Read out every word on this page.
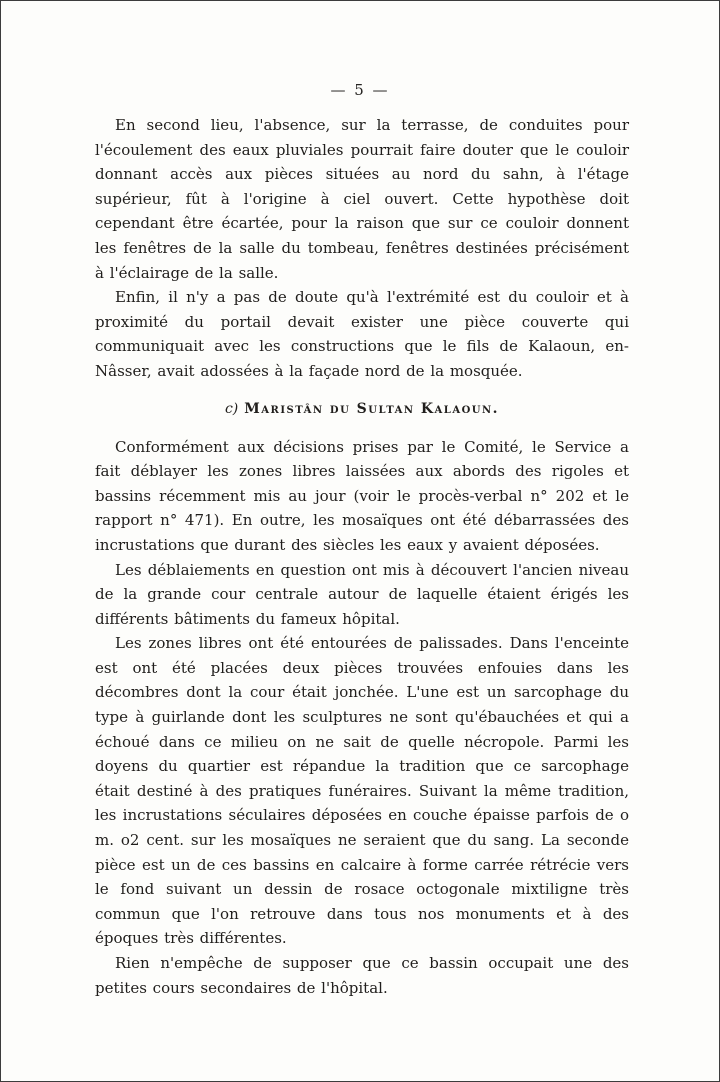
— 5 —

En second lieu, l'absence, sur la terrasse, de conduites pour l'écoulement des eaux pluviales pourrait faire douter que le couloir donnant accès aux pièces situées au nord du sahn, à l'étage supérieur, fût à l'origine à ciel ouvert. Cette hypothèse doit cependant être écartée, pour la raison que sur ce couloir donnent les fenêtres de la salle du tombeau, fenêtres destinées précisément à l'éclairage de la salle.

Enfin, il n'y a pas de doute qu'à l'extrémité est du couloir et à proximité du portail devait exister une pièce couverte qui communiquait avec les constructions que le fils de Kalaoun, en-Nâsser, avait adossées à la façade nord de la mosquée.

c) Maristân du Sultan Kalaoun.

Conformément aux décisions prises par le Comité, le Service a fait déblayer les zones libres laissées aux abords des rigoles et bassins récemment mis au jour (voir le procès-verbal n° 202 et le rapport n° 471). En outre, les mosaïques ont été débarrassées des incrustations que durant des siècles les eaux y avaient déposées.

Les déblaiements en question ont mis à découvert l'ancien niveau de la grande cour centrale autour de laquelle étaient érigés les différents bâtiments du fameux hôpital.

Les zones libres ont été entourées de palissades. Dans l'enceinte est ont été placées deux pièces trouvées enfouies dans les décombres dont la cour était jonchée. L'une est un sarcophage du type à guirlande dont les sculptures ne sont qu'ébauchées et qui a échoué dans ce milieu on ne sait de quelle nécropole. Parmi les doyens du quartier est répandue la tradition que ce sarcophage était destiné à des pratiques funéraires. Suivant la même tradition, les incrustations séculaires déposées en couche épaisse parfois de o m. o2 cent. sur les mosaïques ne seraient que du sang. La seconde pièce est un de ces bassins en calcaire à forme carrée rétrécie vers le fond suivant un dessin de rosace octogonale mixtiligne très commun que l'on retrouve dans tous nos monuments et à des époques très différentes.

Rien n'empêche de supposer que ce bassin occupait une des petites cours secondaires de l'hôpital.
